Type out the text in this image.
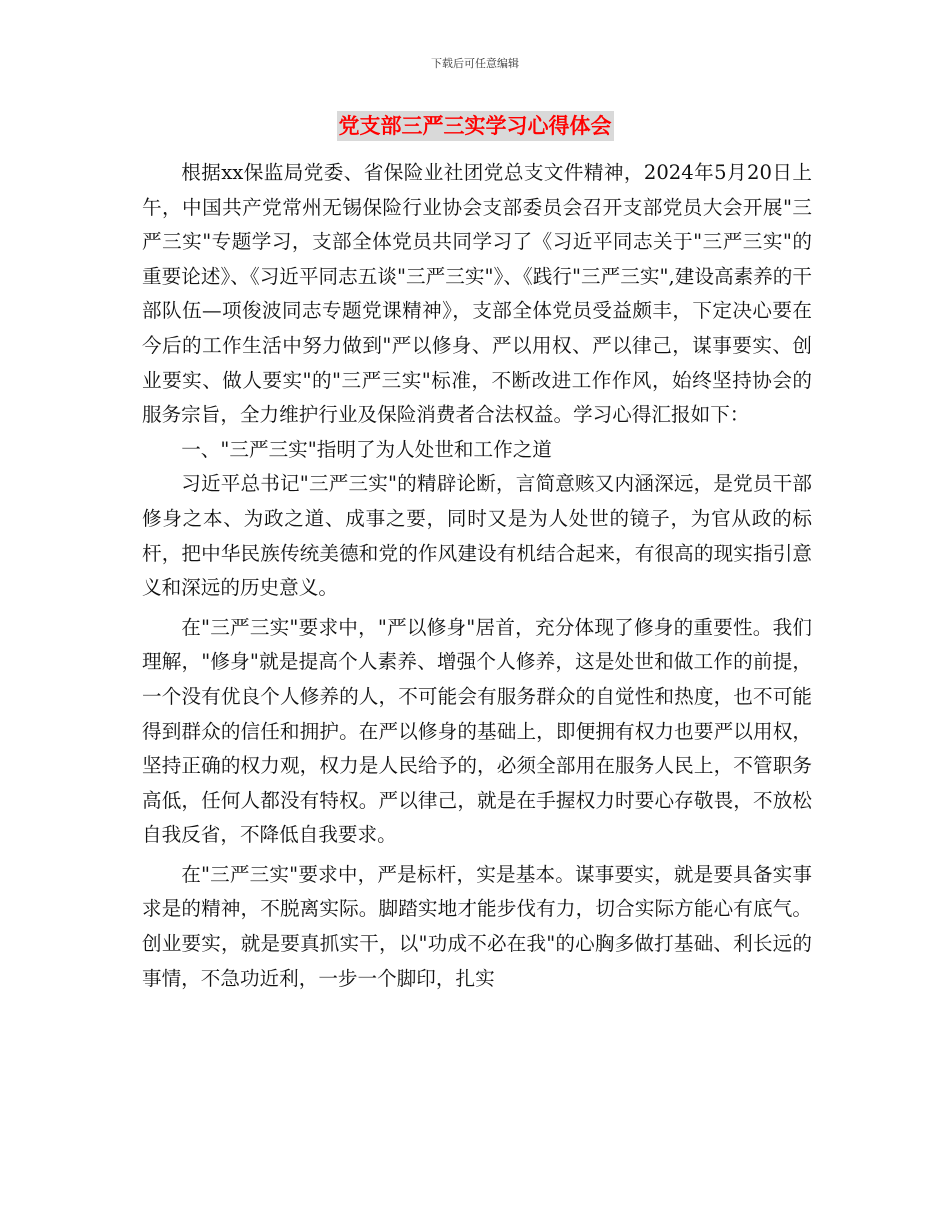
下载后可任意编辑
党支部三严三实学习心得体会

根据xx保监局党委、省保险业社团党总支文件精神，2024年5月20日上午，中国共产党常州无锡保险行业协会支部委员会召开支部党员大会开展"三严三实"专题学习，支部全体党员共同学习了《习近平同志关于"三严三实"的重要论述》、《习近平同志五谈"三严三实"》、《践行"三严三实",建设高素养的干部队伍—项俊波同志专题党课精神》，支部全体党员受益颇丰，下定决心要在今后的工作生活中努力做到"严以修身、严以用权、严以律己，谋事要实、创业要实、做人要实"的"三严三实"标准，不断改进工作作风，始终坚持协会的服务宗旨，全力维护行业及保险消费者合法权益。学习心得汇报如下：

一、"三严三实"指明了为人处世和工作之道

习近平总书记"三严三实"的精辟论断，言简意赅又内涵深远，是党员干部修身之本、为政之道、成事之要，同时又是为人处世的镜子，为官从政的标杆，把中华民族传统美德和党的作风建设有机结合起来，有很高的现实指引意义和深远的历史意义。

在"三严三实"要求中，"严以修身"居首，充分体现了修身的重要性。我们理解，"修身"就是提高个人素养、增强个人修养，这是处世和做工作的前提，一个没有优良个人修养的人，不可能会有服务群众的自觉性和热度，也不可能得到群众的信任和拥护。在严以修身的基础上，即便拥有权力也要严以用权，坚持正确的权力观，权力是人民给予的，必须全部用在服务人民上，不管职务高低，任何人都没有特权。严以律己，就是在手握权力时要心存敬畏，不放松自我反省，不降低自我要求。

在"三严三实"要求中，严是标杆，实是基本。谋事要实，就是要具备实事求是的精神，不脱离实际。脚踏实地才能步伐有力，切合实际方能心有底气。创业要实，就是要真抓实干，以"功成不必在我"的心胸多做打基础、利长远的事情，不急功近利，一步一个脚印，扎实
